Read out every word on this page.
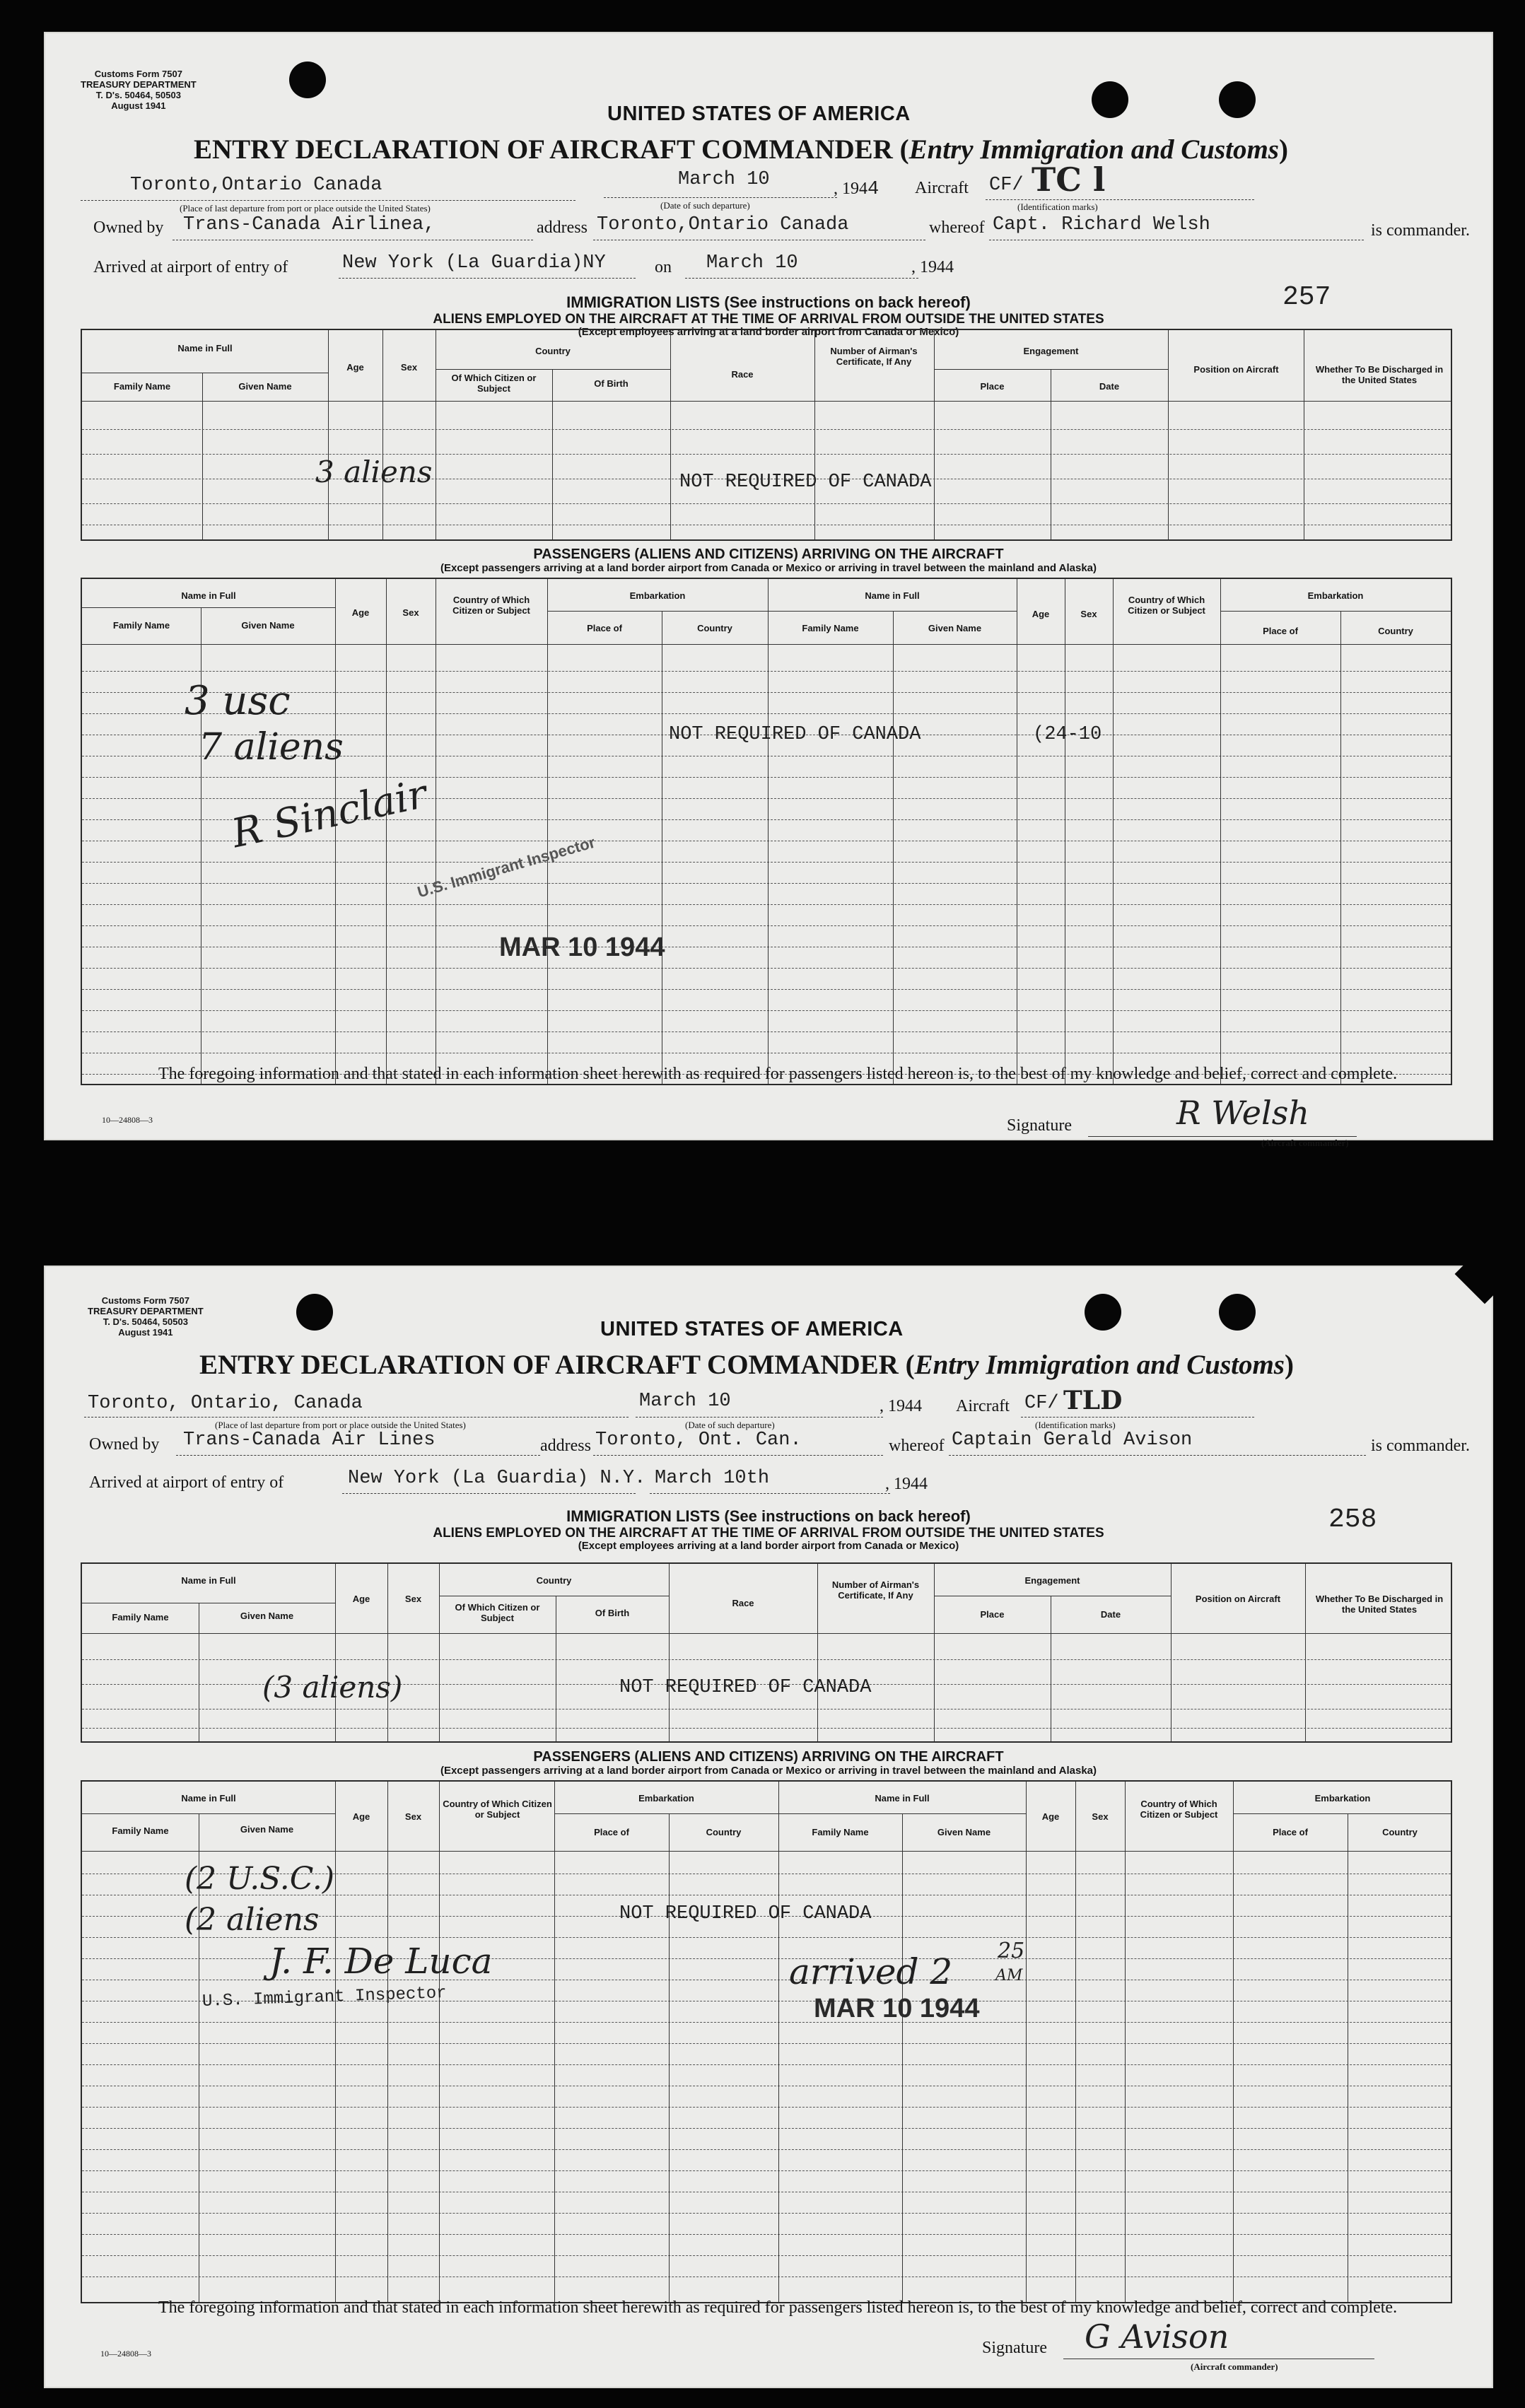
Customs Form 7507
TREASURY DEPARTMENT
T. D's. 50464, 50503
August 1941	UNITED STATES OF AMERICA
ENTRY DECLARATION OF AIRCRAFT COMMANDER (Entry Immigration and Customs)
Toronto,Ontario Canada
(Place of last departure from port or place outside the United States)
March 10
(Date of such departure)
, 1944 Aircraft CF/ TC l
(Identification marks)
Owned by Trans-Canada Airlinea,	address Toronto,Ontario Canada	whereof Capt. Richard Welsh	is commander.
Arrived at airport of entry of	New York (La Guardia)NY	on March 10	, 1944
IMMIGRATION LISTS (See instructions on back hereof)
ALIENS EMPLOYED ON THE AIRCRAFT AT THE TIME OF ARRIVAL FROM OUTSIDE THE UNITED STATES
(Except employees arriving at a land border airport from Canada or Mexico)
257
Name in Full
Family Name	Given Name
Age	Sex
Country
Of Which Citizen or Subject	Of Birth
Race
Number of Airman's Certificate, If Any
Engagement
Place	Date
Position on Aircraft	Whether To Be Discharged in the United States
3 aliens	NOT REQUIRED OF CANADA
PASSENGERS (ALIENS AND CITIZENS) ARRIVING ON THE AIRCRAFT
(Except passengers arriving at a land border airport from Canada or Mexico or arriving in travel between the mainland and Alaska)
Name in Full
Family Name	Given Name
Age	Sex
Country of Which Citizen or Subject
Embarkation
Place of	Country
Name in Full
Family Name	Given Name
Age	Sex
Country of Which Citizen or Subject
Embarkation
Place of	Country
3 usc
7 aliens
R Sinclair
NOT REQUIRED OF CANADA	(24-10
U.S. Immigrant Inspector
MAR 10 1944
The foregoing information and that stated in each information sheet herewith as required for passengers listed hereon is, to the best of my knowledge and belief, correct and complete.
10—24808—3	Signature	R Welsh
(Aircraft commander)
Customs Form 7507
TREASURY DEPARTMENT
T. D's. 50464, 50503
August 1941	UNITED STATES OF AMERICA
ENTRY DECLARATION OF AIRCRAFT COMMANDER (Entry Immigration and Customs)
Toronto, Ontario, Canada
(Place of last departure from port or place outside the United States)
March 10
(Date of such departure)
, 1944 Aircraft CF/ TLD
(Identification marks)
Owned by Trans-Canada Air Lines	address Toronto, Ont. Can.	whereof Captain Gerald Avison	is commander.
Arrived at airport of entry of	New York (La Guardia) N.Y. March 10th	, 1944
IMMIGRATION LISTS (See instructions on back hereof)
ALIENS EMPLOYED ON THE AIRCRAFT AT THE TIME OF ARRIVAL FROM OUTSIDE THE UNITED STATES
(Except employees arriving at a land border airport from Canada or Mexico)
258
Name in Full
Family Name	Given Name
Age	Sex
Country
Of Which Citizen or Subject	Of Birth
Race
Number of Airman's Certificate, If Any
Engagement
Place	Date
Position on Aircraft	Whether To Be Discharged in the United States
(3 aliens)	NOT REQUIRED OF CANADA
PASSENGERS (ALIENS AND CITIZENS) ARRIVING ON THE AIRCRAFT
(Except passengers arriving at a land border airport from Canada or Mexico or arriving in travel between the mainland and Alaska)
Name in Full
Family Name	Given Name
Age	Sex
Country of Which Citizen or Subject
Embarkation
Place of	Country
Name in Full
Family Name	Given Name
Age	Sex
Country of Which Citizen or Subject
Embarkation
Place of	Country
(2 U.S.C.)
(2 aliens
J. F. De Luca
U.S. Immigrant Inspector
NOT REQUIRED OF CANADA
arrived 2
25
AM
MAR 10 1944
The foregoing information and that stated in each information sheet herewith as required for passengers listed hereon is, to the best of my knowledge and belief, correct and complete.
10—24808—3	Signature G Avison
(Aircraft commander)
